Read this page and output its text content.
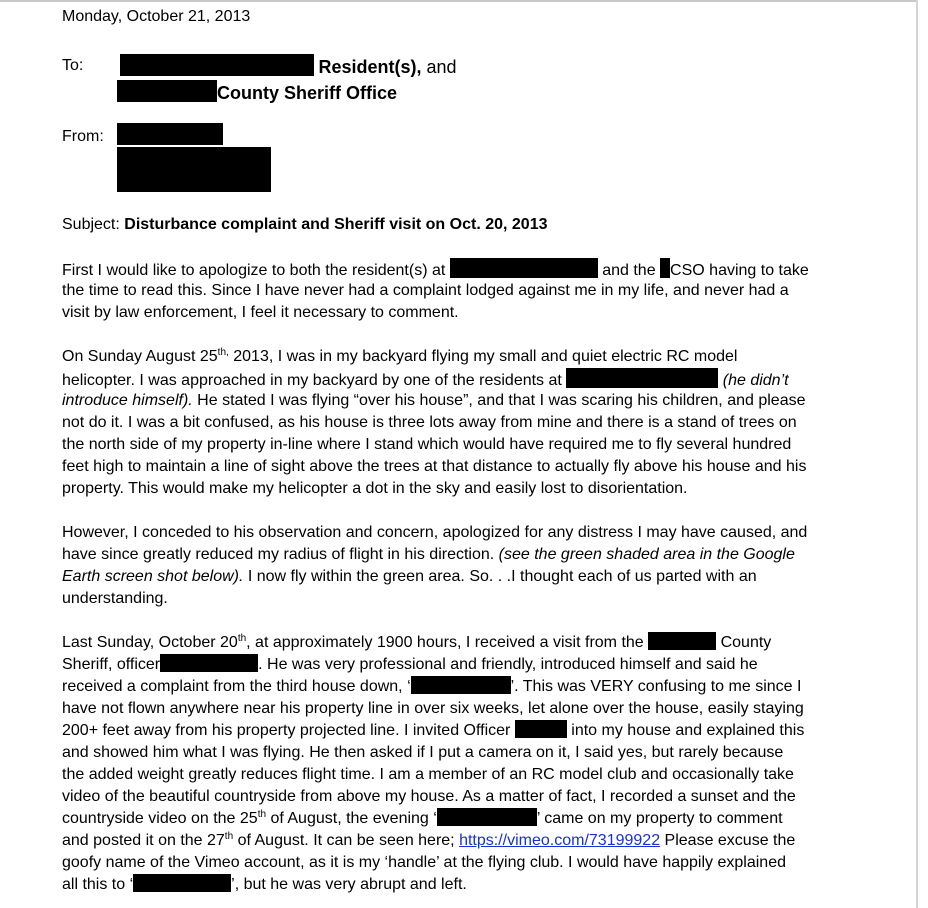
Monday, October 21, 2013
To:	Resident(s), and
County Sheriff Office
From:
Subject: Disturbance complaint and Sheriff visit on Oct. 20, 2013
First I would like to apologize to both the resident(s) at	and the CSO having to take
the time to read this. Since I have never had a complaint lodged against me in my life, and never had a
visit by law enforcement, I feel it necessary to comment.
On Sunday August $25^{th,}$ 2013, I was in my backyard flying my small and quiet electric RC model
helicopter. I was approached in my backyard by one of the residents at	(he didn’t
introduce himself). He stated I was flying “over his house”, and that I was scaring his children, and please
not do it. I was a bit confused, as his house is three lots away from mine and there is a stand of trees on
the north side of my property in-line where I stand which would have required me to fly several hundred
feet high to maintain a line of sight above the trees at that distance to actually fly above his house and his
property. This would make my helicopter a dot in the sky and easily lost to disorientation.
However, I conceded to his observation and concern, apologized for any distress I may have caused, and
have since greatly reduced my radius of flight in his direction. (see the green shaded area in the Google
Earth screen shot below). I now fly within the green area. So. . .I thought each of us parted with an
understanding.
Last Sunday, October 20th, at approximately 1900 hours, I received a visit from the	County
Sheriff, officer	. He was very professional and friendly, introduced himself and said he
received a complaint from the third house down, ‘	’. This was VERY confusing to me since I
have not flown anywhere near his property line in over six weeks, let alone over the house, easily staying
200+ feet away from his property projected line. I invited Officer	into my house and explained this
and showed him what I was flying. He then asked if I put a camera on it, I said yes, but rarely because
the added weight greatly reduces flight time. I am a member of an RC model club and occasionally take
video of the beautiful countryside from above my house. As a matter of fact, I recorded a sunset and the
countryside video on the 25th of August, the evening ‘	’ came on my property to comment
and posted it on the 27th of August. It can be seen here; https://vimeo.com/73199922 Please excuse the
goofy name of the Vimeo account, as it is my ‘handle’ at the flying club. I would have happily explained
all this to ‘	’, but he was very abrupt and left.
